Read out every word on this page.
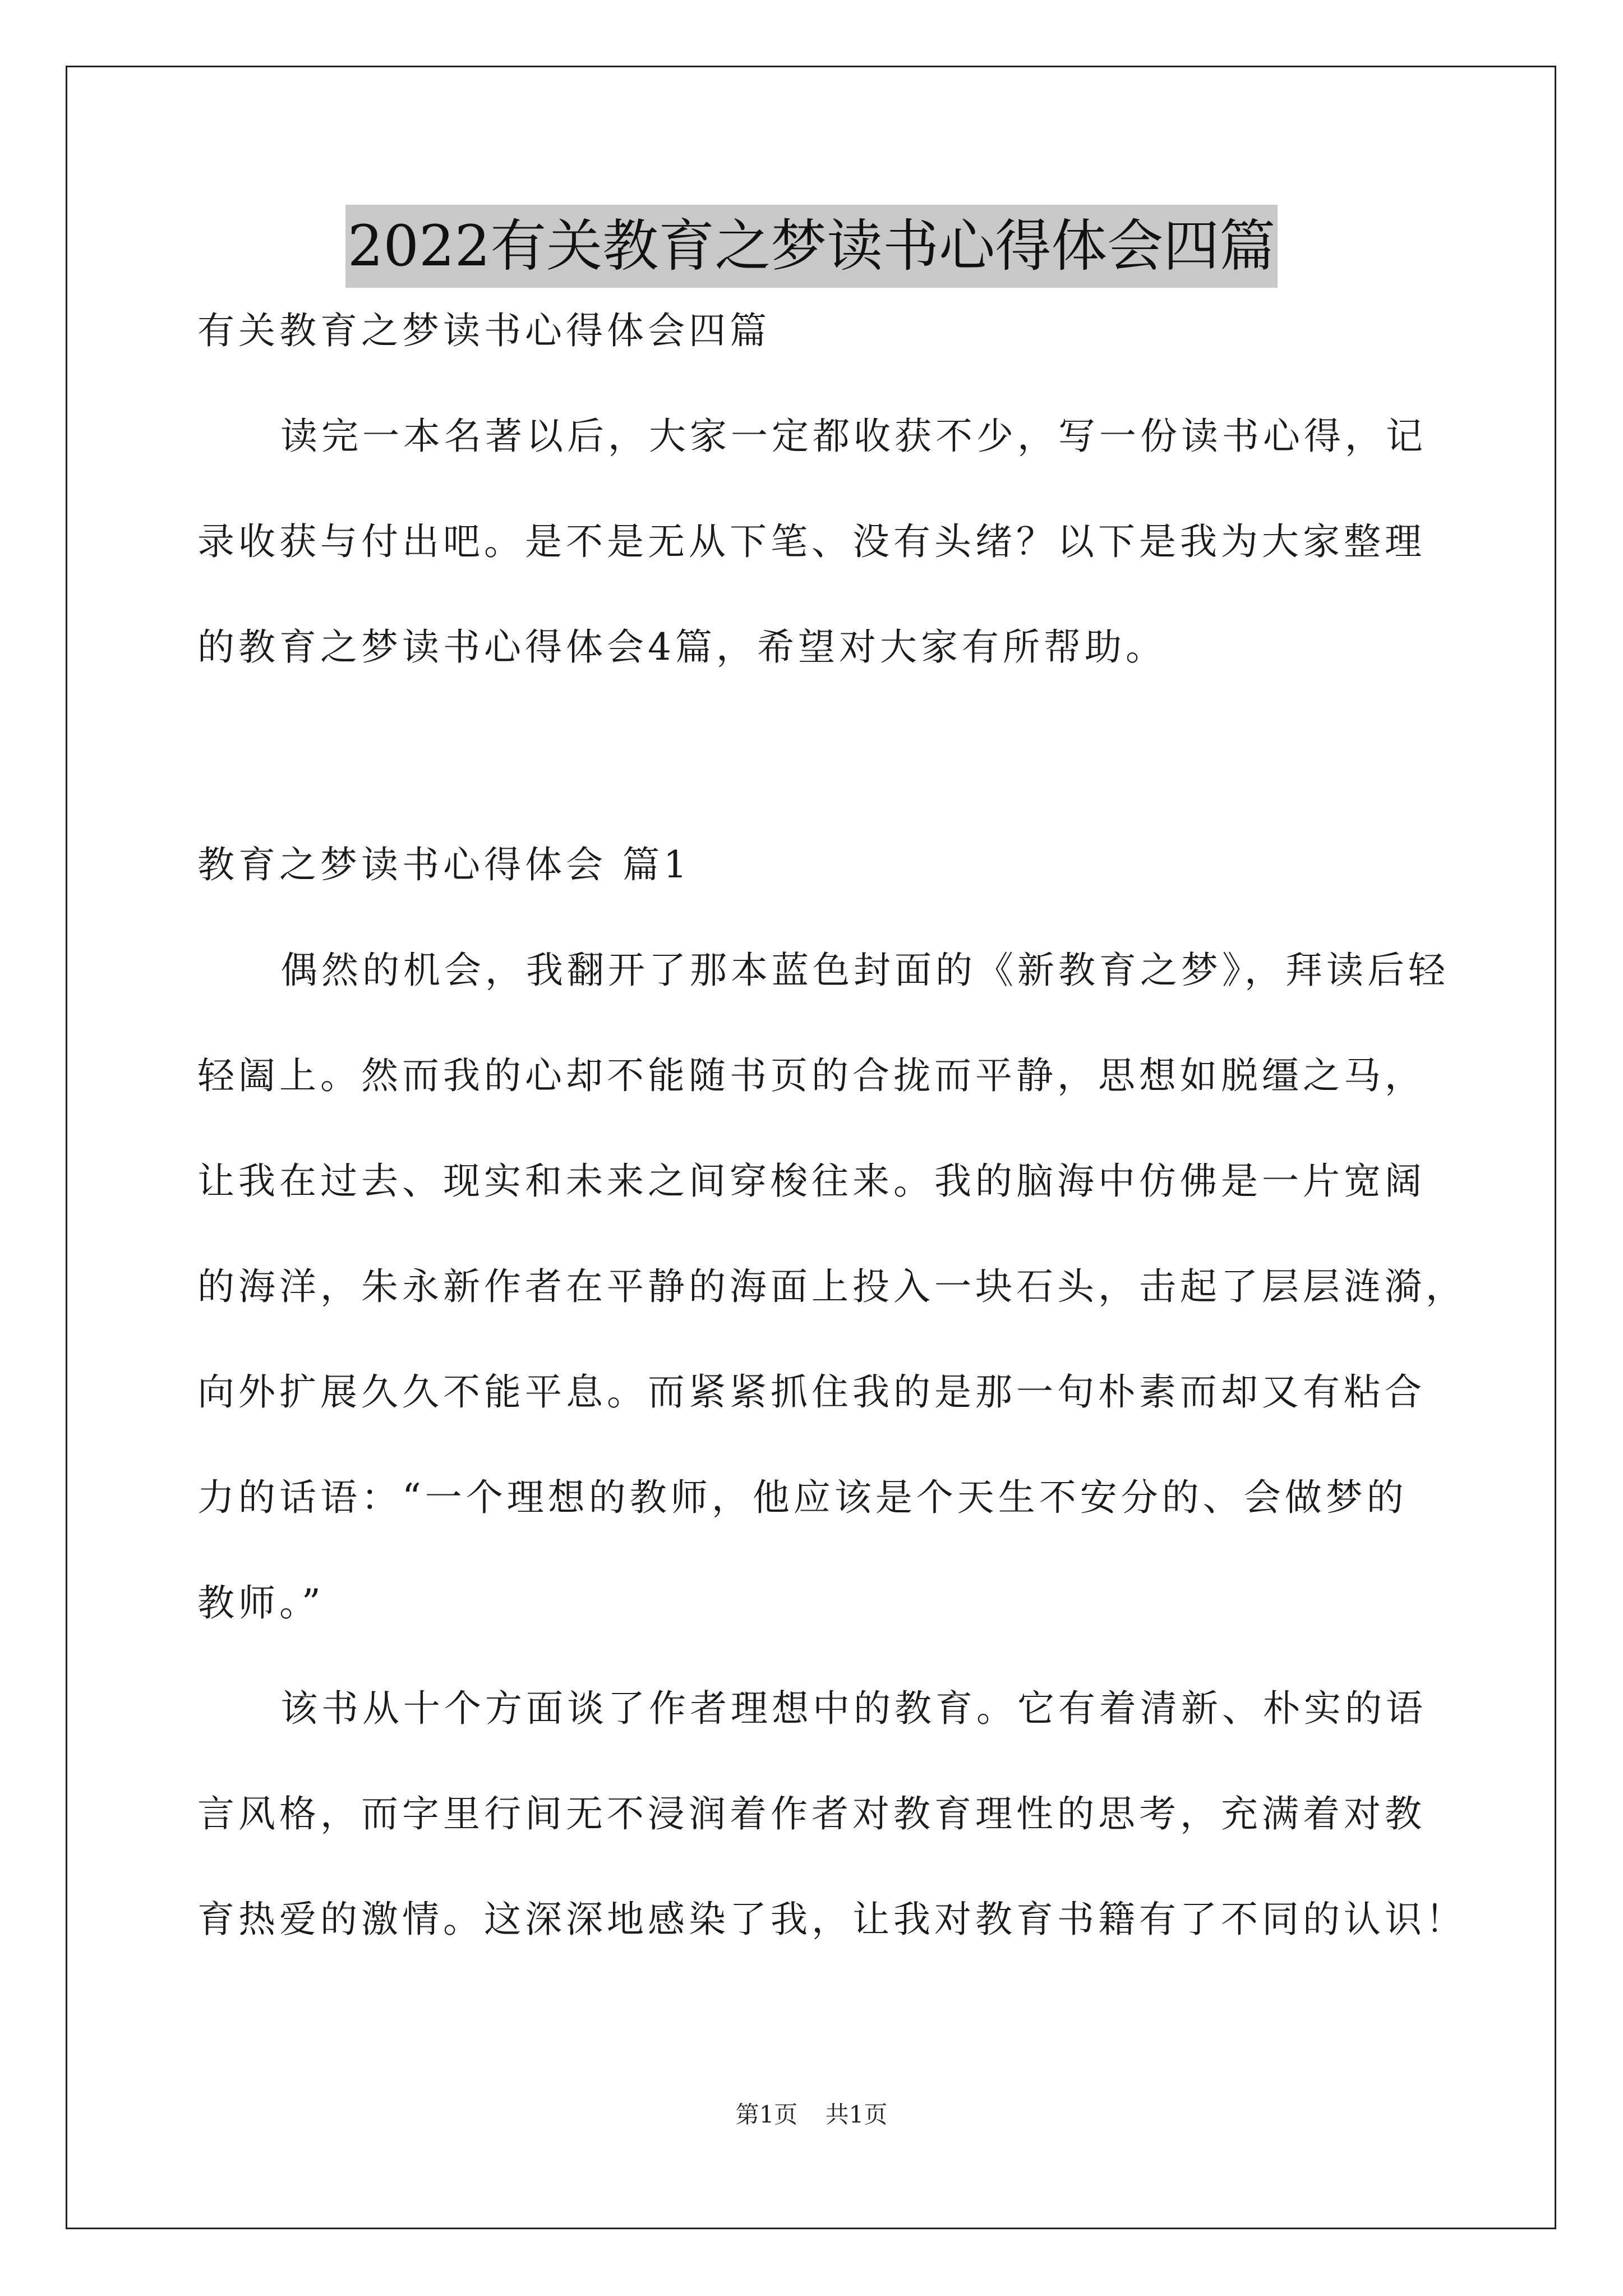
2022有关教育之梦读书心得体会四篇
有关教育之梦读书心得体会四篇
读完一本名著以后，大家一定都收获不少，写一份读书心得，记
录收获与付出吧。是不是无从下笔、没有头绪？以下是我为大家整理
的教育之梦读书心得体会4篇，希望对大家有所帮助。
教育之梦读书心得体会 篇1
偶然的机会，我翻开了那本蓝色封面的《新教育之梦》，拜读后轻
轻阖上。然而我的心却不能随书页的合拢而平静，思想如脱缰之马，
让我在过去、现实和未来之间穿梭往来。我的脑海中仿佛是一片宽阔
的海洋，朱永新作者在平静的海面上投入一块石头，击起了层层涟漪，
向外扩展久久不能平息。而紧紧抓住我的是那一句朴素而却又有粘合
力的话语：“一个理想的教师，他应该是个天生不安分的、会做梦的
教师。”
该书从十个方面谈了作者理想中的教育。它有着清新、朴实的语
言风格，而字里行间无不浸润着作者对教育理性的思考，充满着对教
育热爱的激情。这深深地感染了我，让我对教育书籍有了不同的认识！
第1页 共1页
